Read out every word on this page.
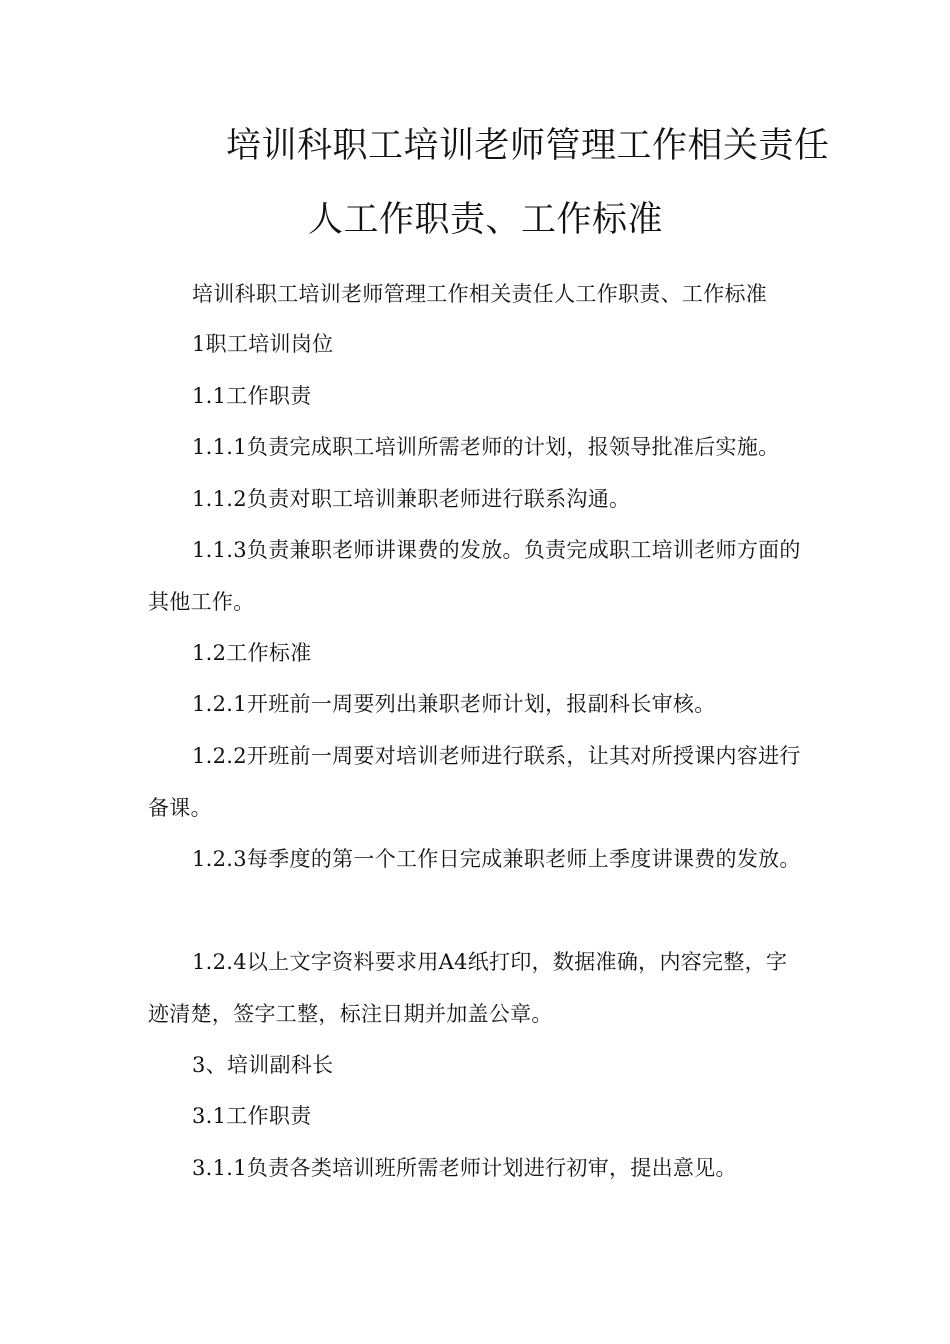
培训科职工培训老师管理工作相关责任
人工作职责、工作标准

培训科职工培训老师管理工作相关责任人工作职责、工作标准

1职工培训岗位

1.1工作职责

1.1.1负责完成职工培训所需老师的计划，报领导批准后实施。

1.1.2负责对职工培训兼职老师进行联系沟通。

1.1.3负责兼职老师讲课费的发放。负责完成职工培训老师方面的其他工作。

1.2工作标准

1.2.1开班前一周要列出兼职老师计划，报副科长审核。

1.2.2开班前一周要对培训老师进行联系，让其对所授课内容进行备课。

1.2.3每季度的第一个工作日完成兼职老师上季度讲课费的发放。

1.2.4以上文字资料要求用A4纸打印，数据准确，内容完整，字迹清楚，签字工整，标注日期并加盖公章。

3、培训副科长

3.1工作职责

3.1.1负责各类培训班所需老师计划进行初审，提出意见。
